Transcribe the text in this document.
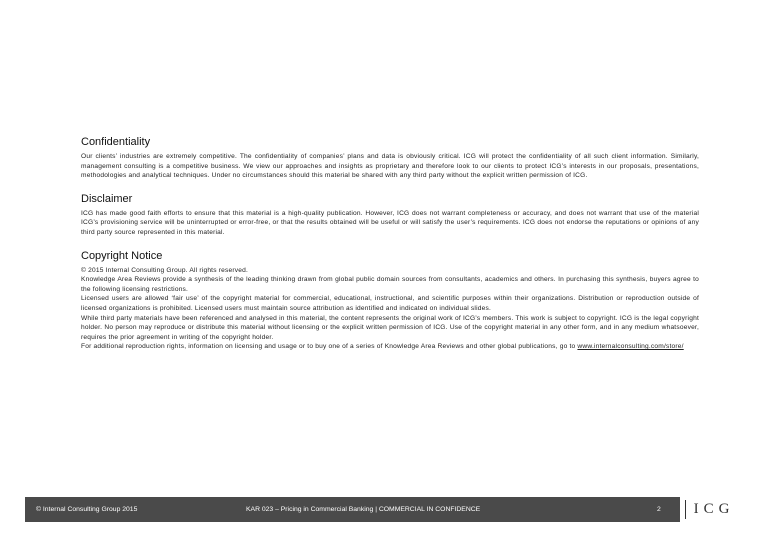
Confidentiality

Our clients’ industries are extremely competitive. The confidentiality of companies’ plans and data is obviously critical. ICG will protect the confidentiality of all such client information. Similarly, management consulting is a competitive business. We view our approaches and insights as proprietary and therefore look to our clients to protect ICG’s interests in our proposals, presentations, methodologies and analytical techniques. Under no circumstances should this material be shared with any third party without the explicit written permission of ICG.

Disclaimer

ICG has made good faith efforts to ensure that this material is a high-quality publication. However, ICG does not warrant completeness or accuracy, and does not warrant that use of the material ICG’s provisioning service will be uninterrupted or error-free, or that the results obtained will be useful or will satisfy the user’s requirements. ICG does not endorse the reputations or opinions of any third party source represented in this material.

Copyright Notice

© 2015 Internal Consulting Group. All rights reserved.

Knowledge Area Reviews provide a synthesis of the leading thinking drawn from global public domain sources from consultants, academics and others. In purchasing this synthesis, buyers agree to the following licensing restrictions.

Licensed users are allowed ‘fair use’ of the copyright material for commercial, educational, instructional, and scientific purposes within their organizations. Distribution or reproduction outside of licensed organizations is prohibited. Licensed users must maintain source attribution as identified and indicated on individual slides.

While third party materials have been referenced and analysed in this material, the content represents the original work of ICG’s members. This work is subject to copyright. ICG is the legal copyright holder. No person may reproduce or distribute this material without licensing or the explicit written permission of ICG. Use of the copyright material in any other form, and in any medium whatsoever, requires the prior agreement in writing of the copyright holder.

For additional reproduction rights, information on licensing and usage or to buy one of a series of Knowledge Area Reviews and other global publications, go to www.internalconsulting.com/store/

© Internal Consulting Group 2015	KAR 023 – Pricing in Commercial Banking | COMMERCIAL IN CONFIDENCE	2	ICG
